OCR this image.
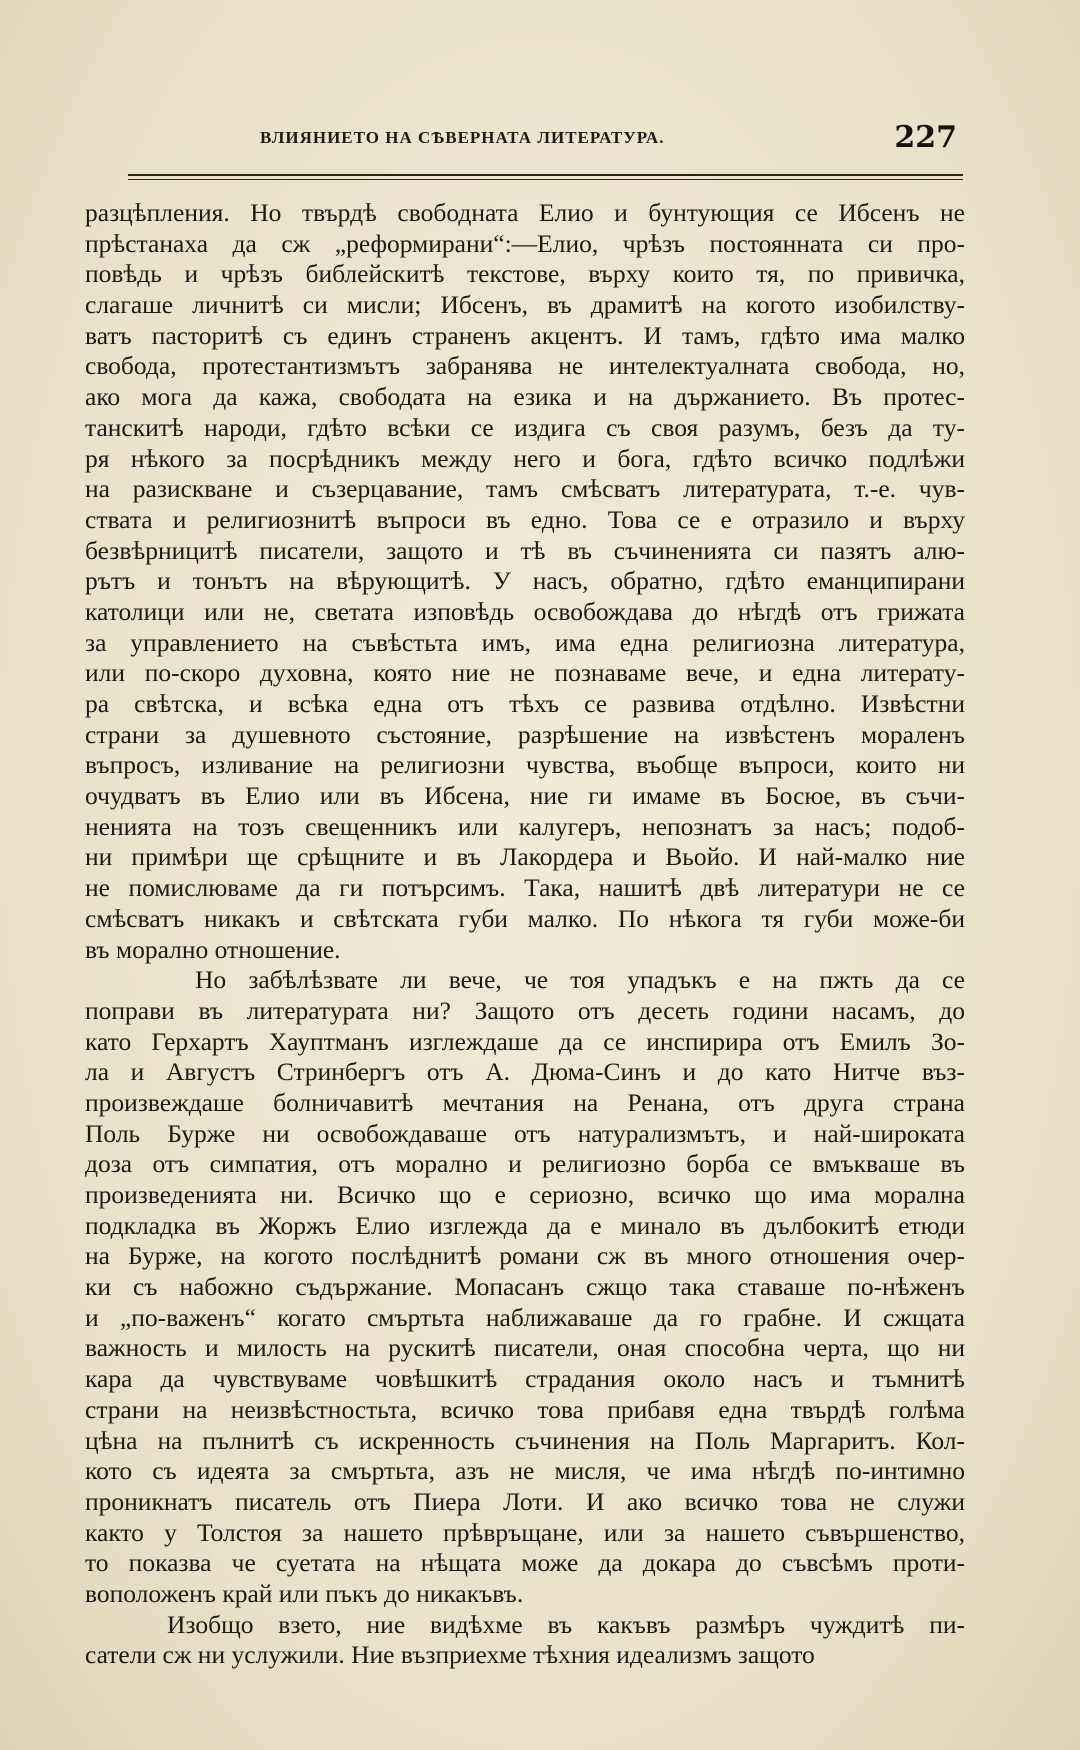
ВЛИЯНИЕТО НА СѢВЕРНАТА ЛИТЕРАТУРА.	227
разцѣпления. Но твърдѣ свободната Елио и бунтующия се Ибсенъ не
прѣстанаха да сж „реформирани“:—Елио, чрѣзъ постоянната си про-
повѣдь и чрѣзъ библейскитѣ текстове, върху които тя, по привичка,
слагаше личнитѣ си мисли; Ибсенъ, въ драмитѣ на когото изобилству-
ватъ пасторитѣ съ единъ страненъ акцентъ. И тамъ, гдѣто има малко
свобода, протестантизмътъ забранява не интелектуалната свобода, но,
ако мога да кажа, свободата на езика и на държанието. Въ протес-
танскитѣ народи, гдѣто всѣки се издига съ своя разумъ, безъ да ту-
ря нѣкого за посрѣдникъ между него и бога, гдѣто всичко подлѣжи
на разискване и съзерцавание, тамъ смѣсватъ литературата, т.-е. чув-
ствата и религиознитѣ въпроси въ едно. Това се е отразило и върху
безвѣрницитѣ писатели, защото и тѣ въ съчиненията си пазятъ алю-
рътъ и тонътъ на вѣрующитѣ. У насъ, обратно, гдѣто еманципирани
католици или не, светата изповѣдь освобождава до нѣгдѣ отъ грижата
за управлението на съвѣстьта имъ, има една религиозна литература,
или по-скоро духовна, която ние не познаваме вече, и една литерату-
ра свѣтска, и всѣка една отъ тѣхъ се развива отдѣлно. Извѣстни
страни за душевното състояние, разрѣшение на извѣстенъ мораленъ
въпросъ, изливание на религиозни чувства, въобще въпроси, които ни
очудватъ въ Елио или въ Ибсена, ние ги имаме въ Босюе, въ съчи-
ненията на тозъ свещенникъ или калугеръ, непознатъ за насъ; подоб-
ни примѣри ще срѣщните и въ Лакордера и Вьойо. И най-малко ние
не помислюваме да ги потърсимъ. Така, нашитѣ двѣ литератури не се
смѣсватъ никакъ и свѣтската губи малко. По нѣкога тя губи може-би
въ морално отношение.
Но забѣлѣзвате ли вече, че тоя упадъкъ е на пжть да се
поправи въ литературата ни? Защото отъ десеть години насамъ, до
като Герхартъ Хауптманъ изглеждаше да се инспирира отъ Емилъ Зо-
ла и Августъ Стринбергъ отъ А. Дюма-Синъ и до като Нитче въз-
произвеждаше болничавитѣ мечтания на Ренана, отъ друга страна
Поль Бурже ни освобождаваше отъ натурализмътъ, и най-широката
доза отъ симпатия, отъ морално и религиозно борба се вмъкваше въ
произведенията ни. Всичко що е сериозно, всичко що има морална
подкладка въ Жоржъ Елио изглежда да е минало въ дълбокитѣ етюди
на Бурже, на когото послѣднитѣ романи сж въ много отношения очер-
ки съ набожно съдържание. Мопасанъ сжщо така ставаше по-нѣженъ
и „по-важенъ“ когато смъртьта наближаваше да го грабне. И сжщата
важность и милость на рускитѣ писатели, оная способна черта, що ни
кара да чувствуваме човѣшкитѣ страдания около насъ и тъмнитѣ
страни на неизвѣстностьта, всичко това прибавя една твърдѣ голѣма
цѣна на пълнитѣ съ искренность съчинения на Поль Маргаритъ. Кол-
кото съ идеята за смъртьта, азъ не мисля, че има нѣгдѣ по-интимно
проникнатъ писатель отъ Пиера Лоти. И ако всичко това не служи
както у Толстоя за нашето прѣвръщане, или за нашето съвършенство,
то показва че суетата на нѣщата може да докара до съвсѣмъ проти-
воположенъ край или пъкъ до никакъвъ.
Изобщо взето, ние видѣхме въ какъвъ размѣръ чуждитѣ пи-
сатели сж ни услужили. Ние възприехме тѣхния идеализмъ защото
